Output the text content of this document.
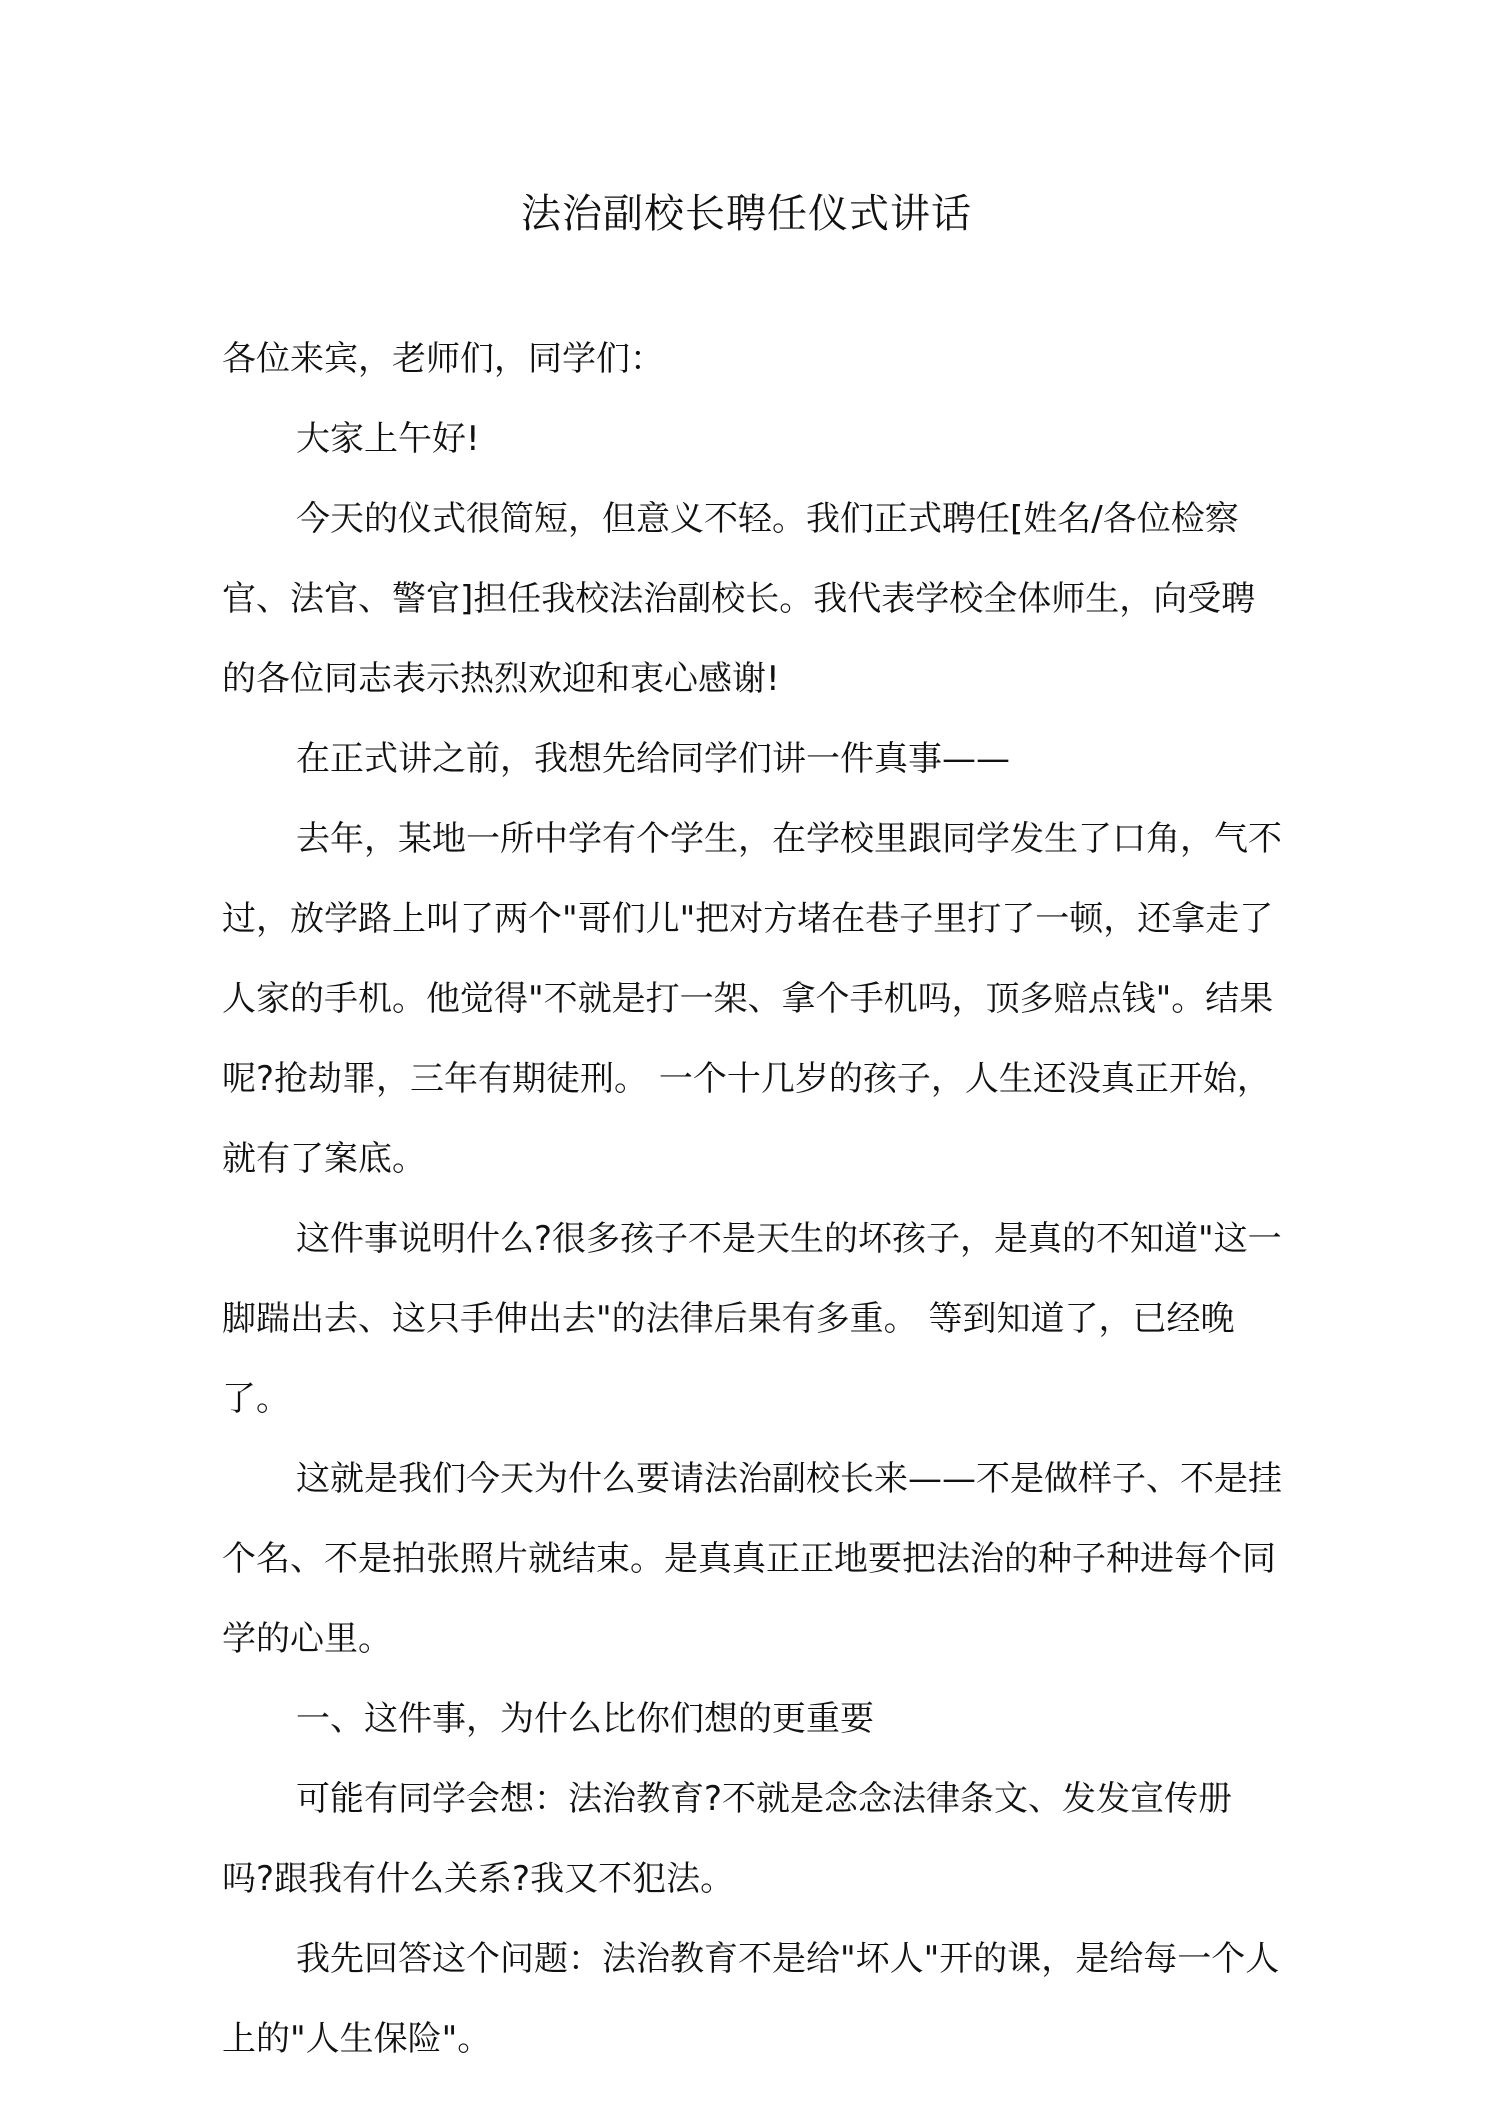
法治副校长聘任仪式讲话

各位来宾，老师们，同学们：

大家上午好!

今天的仪式很简短，但意义不轻。我们正式聘任[姓名/各位检察官、法官、警官]担任我校法治副校长。我代表学校全体师生，向受聘的各位同志表示热烈欢迎和衷心感谢!

在正式讲之前，我想先给同学们讲一件真事——

去年，某地一所中学有个学生，在学校里跟同学发生了口角，气不过，放学路上叫了两个"哥们儿"把对方堵在巷子里打了一顿，还拿走了人家的手机。他觉得"不就是打一架、拿个手机吗，顶多赔点钱"。结果呢?抢劫罪，三年有期徒刑。 一个十几岁的孩子，人生还没真正开始，就有了案底。

这件事说明什么?很多孩子不是天生的坏孩子，是真的不知道"这一脚踹出去、这只手伸出去"的法律后果有多重。 等到知道了，已经晚了。

这就是我们今天为什么要请法治副校长来——不是做样子、不是挂个名、不是拍张照片就结束。是真真正正地要把法治的种子种进每个同学的心里。

一、这件事，为什么比你们想的更重要

可能有同学会想：法治教育?不就是念念法律条文、发发宣传册吗?跟我有什么关系?我又不犯法。

我先回答这个问题：法治教育不是给"坏人"开的课，是给每一个人上的"人生保险"。
